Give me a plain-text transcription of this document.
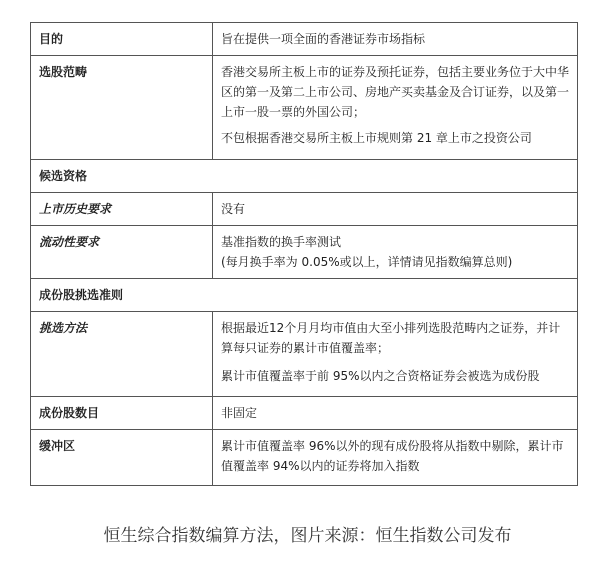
目的	旨在提供一项全面的香港证券市场指标

选股范畴	香港交易所主板上市的证券及预托证券，包括主要业务位于大中华区的第一及第二上市公司、房地产买卖基金及合订证券，以及第一上市一股一票的外国公司；
不包根据香港交易所主板上市规则第 21 章上市之投资公司

候选资格	
上市历史要求	没有

流动性要求	基准指数的换手率测试
(每月换手率为 0.05%或以上，详情请见指数编算总则)

成份股挑选准则	
挑选方法	根据最近12个月月均市值由大至小排列选股范畴内之证券，并计算每只证券的累计市值覆盖率；
累计市值覆盖率于前 95%以内之合资格证券会被选为成份股

成份股数目	非固定

缓冲区	累计市值覆盖率 96%以外的现有成份股将从指数中剔除，累计市值覆盖率 94%以内的证券将加入指数
恒生综合指数编算方法，图片来源：恒生指数公司发布
